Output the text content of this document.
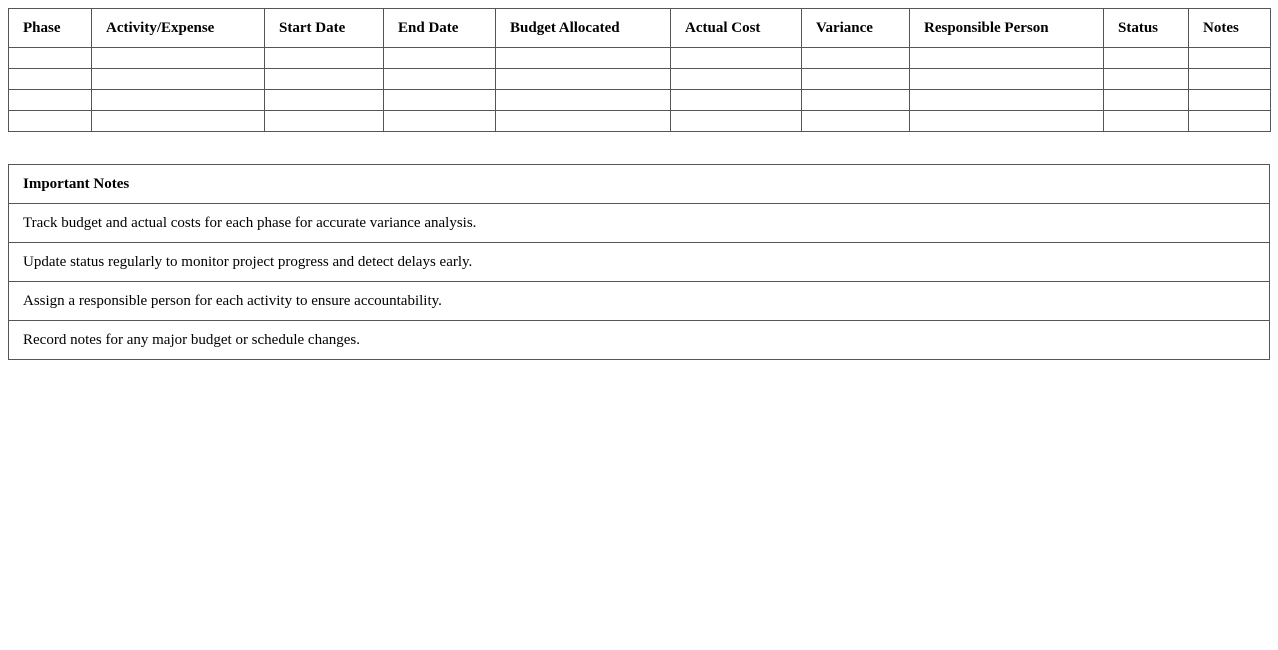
Phase	Activity/Expense	Start Date	End Date	Budget Allocated	Actual Cost	Variance	Responsible Person	Status	Notes

Important Notes
Track budget and actual costs for each phase for accurate variance analysis.
Update status regularly to monitor project progress and detect delays early.
Assign a responsible person for each activity to ensure accountability.
Record notes for any major budget or schedule changes.
